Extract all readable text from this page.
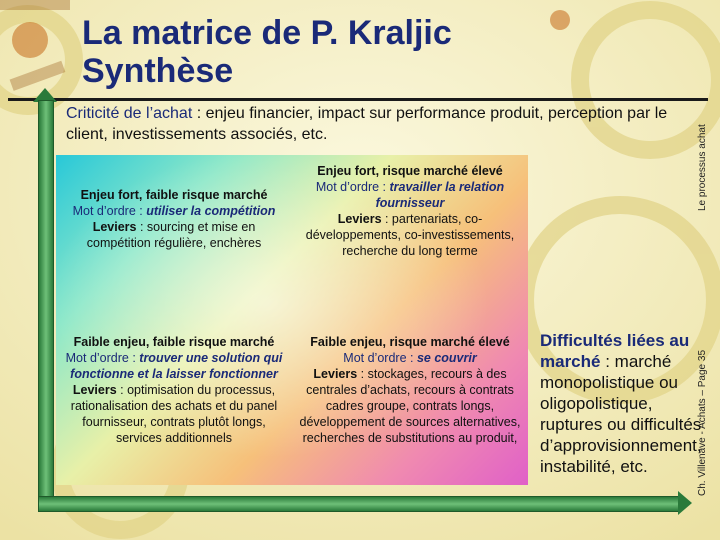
La matrice de P. Kraljic
Synthèse
Criticité de l’achat : enjeu financier, impact sur performance produit, perception par le client, investissements associés, etc.	Le processus achat
Ch. Villenave - Achats – Page 35
Enjeu fort, faible risque marché
Mot d’ordre : utiliser la compétition
Leviers : sourcing et mise en compétition régulière, enchères
Enjeu fort, risque marché élevé
Mot d’ordre : travailler la relation fournisseur
Leviers : partenariats, co-développements, co-investissements, recherche du long terme
Faible enjeu, faible risque marché
Mot d’ordre : trouver une solution qui fonctionne et la laisser fonctionner
Leviers : optimisation du processus, rationalisation des achats et du panel fournisseur, contrats plutôt longs, services additionnels
Faible enjeu, risque marché élevé
Mot d’ordre : se couvrir
Leviers : stockages, recours à des centrales d’achats, recours à contrats cadres groupe, contrats longs, développement de sources alternatives, recherches de substitutions au produit,
Difficultés liées au marché : marché monopolistique ou oligopolistique, ruptures ou difficultés d’approvisionnement, instabilité, etc.
